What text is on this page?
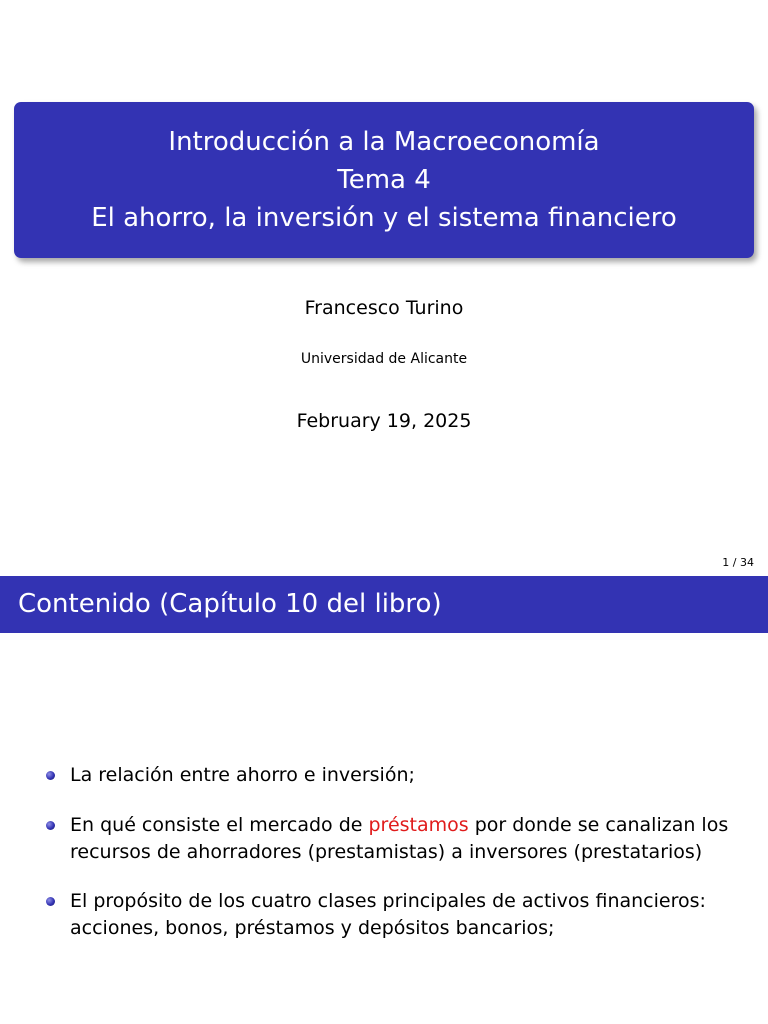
Introducción a la Macroeconomía
Tema 4
El ahorro, la inversión y el sistema financiero
Francesco Turino
Universidad de Alicante
February 19, 2025
1 / 34
Contenido (Capítulo 10 del libro)
La relación entre ahorro e inversión;
En qué consiste el mercado de préstamos por donde se canalizan los
recursos de ahorradores (prestamistas) a inversores (prestatarios)
El propósito de los cuatro clases principales de activos financieros:
acciones, bonos, préstamos y depósitos bancarios;
